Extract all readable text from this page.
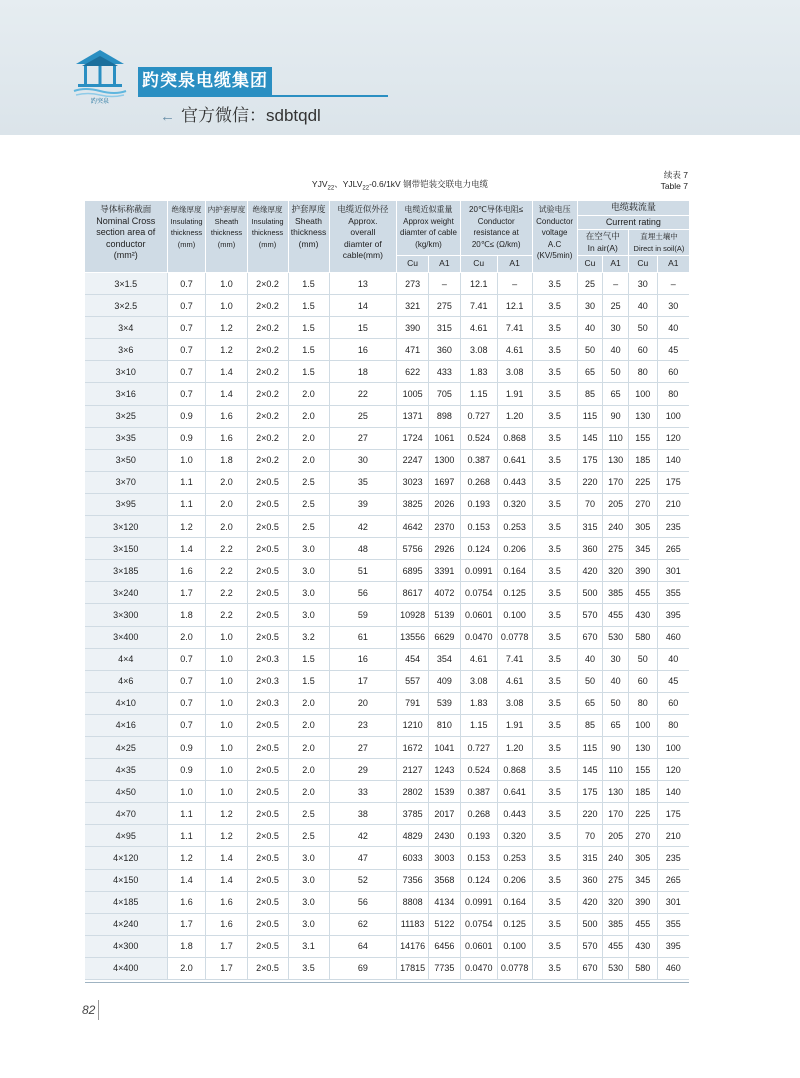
趵突泉
趵突泉电缆集团
← 官方微信：sdbtqdl
$YJV_{22}$、$YJLV_{22}-0.6/1kV$ 钢带铠装交联电力电缆
续表 7
Table 7
导体标称截面
Nominal Cross
section area of
conductor
(mm²)	绝缘厚度
Insulating
thickness
(mm)	内护套厚度
Sheath
thickness
(mm)	绝缘厚度
Insulating
thickness
(mm)	护套厚度
Sheath
thickness
(mm)	电缆近似外径
Approx.
overall
diamter of
cable(mm)	电缆近似重量
Approx weight
diamter of cable
(kg/km)		20℃导体电阻≤
Conductor
resistance at
20℃≤ (Ω/km)		试验电压
Conductor
voltage
A.C
(KV/5min)	电缆载流量			
											Current rating			
											在空气中
In air(A)		直埋土壤中
Direct in soil(A)	
						Cu	A1	Cu	A1		Cu	A1	Cu	A1
3×1.5	0.7	1.0	2×0.2	1.5	13	273	–	12.1	–	3.5	25	–	30	–
3×2.5	0.7	1.0	2×0.2	1.5	14	321	275	7.41	12.1	3.5	30	25	40	30
3×4	0.7	1.2	2×0.2	1.5	15	390	315	4.61	7.41	3.5	40	30	50	40
3×6	0.7	1.2	2×0.2	1.5	16	471	360	3.08	4.61	3.5	50	40	60	45
3×10	0.7	1.4	2×0.2	1.5	18	622	433	1.83	3.08	3.5	65	50	80	60
3×16	0.7	1.4	2×0.2	2.0	22	1005	705	1.15	1.91	3.5	85	65	100	80
3×25	0.9	1.6	2×0.2	2.0	25	1371	898	0.727	1.20	3.5	115	90	130	100
3×35	0.9	1.6	2×0.2	2.0	27	1724	1061	0.524	0.868	3.5	145	110	155	120
3×50	1.0	1.8	2×0.2	2.0	30	2247	1300	0.387	0.641	3.5	175	130	185	140
3×70	1.1	2.0	2×0.5	2.5	35	3023	1697	0.268	0.443	3.5	220	170	225	175
3×95	1.1	2.0	2×0.5	2.5	39	3825	2026	0.193	0.320	3.5	70	205	270	210
3×120	1.2	2.0	2×0.5	2.5	42	4642	2370	0.153	0.253	3.5	315	240	305	235
3×150	1.4	2.2	2×0.5	3.0	48	5756	2926	0.124	0.206	3.5	360	275	345	265
3×185	1.6	2.2	2×0.5	3.0	51	6895	3391	0.0991	0.164	3.5	420	320	390	301
3×240	1.7	2.2	2×0.5	3.0	56	8617	4072	0.0754	0.125	3.5	500	385	455	355
3×300	1.8	2.2	2×0.5	3.0	59	10928	5139	0.0601	0.100	3.5	570	455	430	395
3×400	2.0	1.0	2×0.5	3.2	61	13556	6629	0.0470	0.0778	3.5	670	530	580	460
4×4	0.7	1.0	2×0.3	1.5	16	454	354	4.61	7.41	3.5	40	30	50	40
4×6	0.7	1.0	2×0.3	1.5	17	557	409	3.08	4.61	3.5	50	40	60	45
4×10	0.7	1.0	2×0.3	2.0	20	791	539	1.83	3.08	3.5	65	50	80	60
4×16	0.7	1.0	2×0.5	2.0	23	1210	810	1.15	1.91	3.5	85	65	100	80
4×25	0.9	1.0	2×0.5	2.0	27	1672	1041	0.727	1.20	3.5	115	90	130	100
4×35	0.9	1.0	2×0.5	2.0	29	2127	1243	0.524	0.868	3.5	145	110	155	120
4×50	1.0	1.0	2×0.5	2.0	33	2802	1539	0.387	0.641	3.5	175	130	185	140
4×70	1.1	1.2	2×0.5	2.5	38	3785	2017	0.268	0.443	3.5	220	170	225	175
4×95	1.1	1.2	2×0.5	2.5	42	4829	2430	0.193	0.320	3.5	70	205	270	210
4×120	1.2	1.4	2×0.5	3.0	47	6033	3003	0.153	0.253	3.5	315	240	305	235
4×150	1.4	1.4	2×0.5	3.0	52	7356	3568	0.124	0.206	3.5	360	275	345	265
4×185	1.6	1.6	2×0.5	3.0	56	8808	4134	0.0991	0.164	3.5	420	320	390	301
4×240	1.7	1.6	2×0.5	3.0	62	11183	5122	0.0754	0.125	3.5	500	385	455	355
4×300	1.8	1.7	2×0.5	3.1	64	14176	6456	0.0601	0.100	3.5	570	455	430	395
4×400	2.0	1.7	2×0.5	3.5	69	17815	7735	0.0470	0.0778	3.5	670	530	580	460
82
